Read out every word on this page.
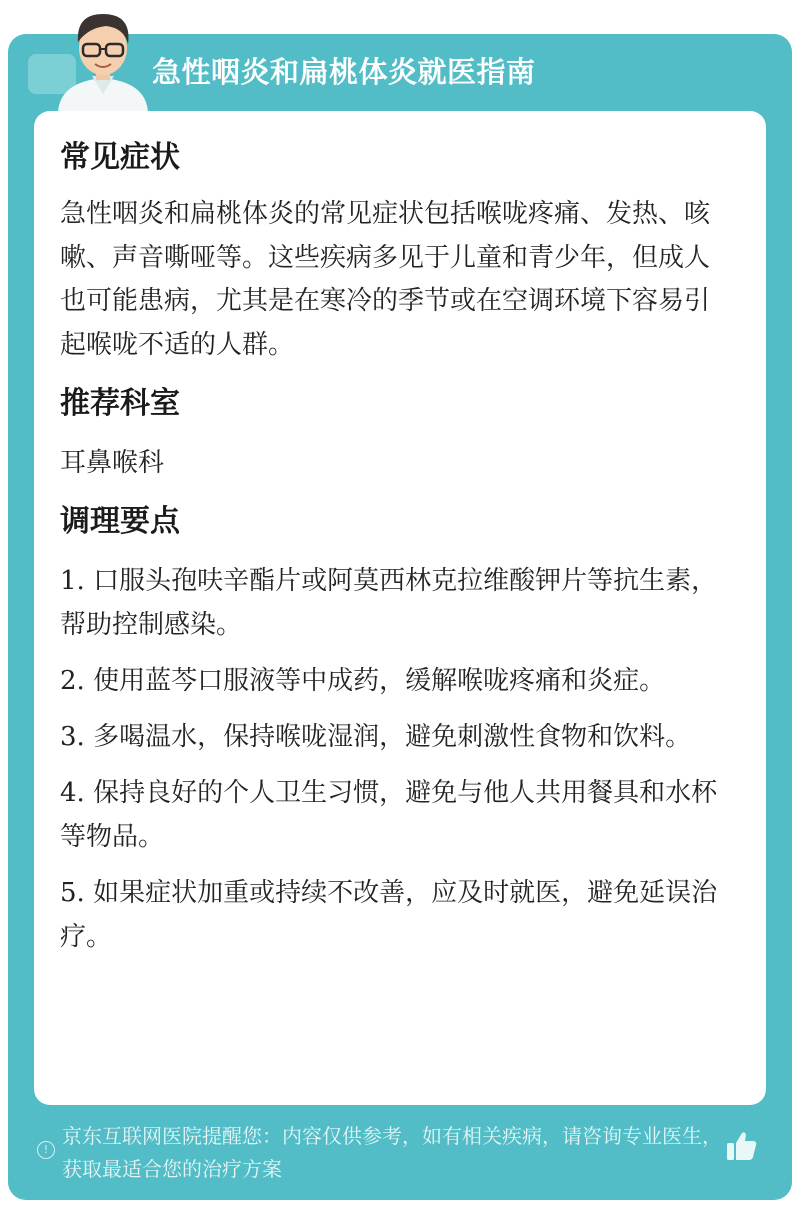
急性咽炎和扁桃体炎就医指南
常见症状

急性咽炎和扁桃体炎的常见症状包括喉咙疼痛、发热、咳嗽、声音嘶哑等。这些疾病多见于儿童和青少年，但成人也可能患病，尤其是在寒冷的季节或在空调环境下容易引起喉咙不适的人群。

推荐科室

耳鼻喉科

调理要点

1. 口服头孢呋辛酯片或阿莫西林克拉维酸钾片等抗生素，帮助控制感染。

2. 使用蓝芩口服液等中成药，缓解喉咙疼痛和炎症。

3. 多喝温水，保持喉咙湿润，避免刺激性食物和饮料。

4. 保持良好的个人卫生习惯，避免与他人共用餐具和水杯等物品。

5. 如果症状加重或持续不改善，应及时就医，避免延误治疗。

!
京东互联网医院提醒您：内容仅供参考，如有相关疾病，请咨询专业医生，获取最适合您的治疗方案
